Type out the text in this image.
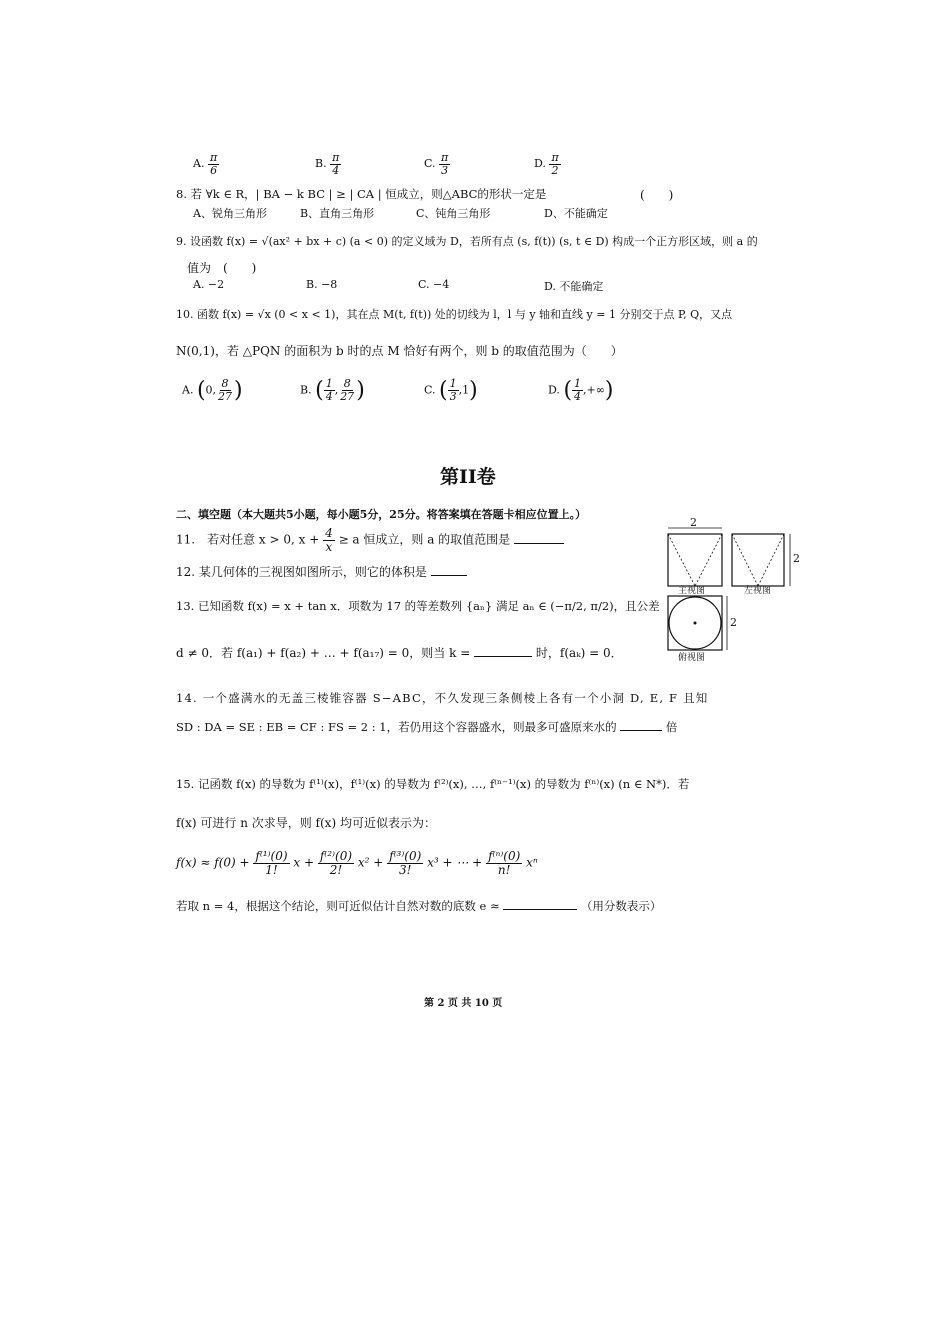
A. $\frac{\pi}{6}$	B. $\frac{\pi}{4}$	C. $\frac{\pi}{3}$	D. $\frac{\pi}{2}$
8. 若 ∀k ∈ R，| BA − k BC | ≥ | CA | 恒成立，则△ABC的形状一定是	(　　)
A、锐角三角形	B、直角三角形	C、钝角三角形	D、不能确定
9. 设函数 f(x) = √(ax² + bx + c) (a < 0) 的定义域为 D，若所有点 (s, f(t)) (s, t ∈ D) 构成一个正方形区域，则 a 的
值为　(　　)
A. −2	B. −8	C. −4	D. 不能确定
10. 函数 f(x) = √x (0 < x < 1)，其在点 M(t, f(t)) 处的切线为 l，l 与 y 轴和直线 y = 1 分别交于点 P, Q，又点
N(0,1)，若 △PQN 的面积为 b 时的点 M 恰好有两个，则 b 的取值范围为（　　）
A. (0, $\frac{8}{27}$ )	B. ( $\frac{1}{4}$ , $\frac{8}{27}$ )	C. ( $\frac{1}{3} ,1$)	D. ( $\frac{1}{4}$ ,+∞)
第II卷
二、填空题（本大题共5小题，每小题5分，25分。将答案填在答题卡相应位置上。）
11.　若对任意 x > 0, $x + \frac{4}{x} \ge a$ 恒成立，则 a 的取值范围是
12. 某几何体的三视图如图所示，则它的体积是
13. 已知函数 f(x) = x + tan x．项数为 17 的等差数列 {aₙ} 满足 aₙ ∈ (−π/2, π/2)，且公差
d ≠ 0．若 f(a₁) + f(a₂) + … + f(a₁₇) = 0，则当 k =	时，f(aₖ) = 0．
14. 一个盛满水的无盖三棱锥容器 S−ABC，不久发现三条侧棱上各有一个小洞 D, E, F 且知
SD : DA = SE : EB = CF : FS = 2 : 1，若仍用这个容器盛水，则最多可盛原来水的	倍
15. 记函数 f(x) 的导数为 f⁽¹⁾(x)，f⁽¹⁾(x) 的导数为 f⁽²⁾(x), …, f⁽ⁿ⁻¹⁾(x) 的导数为 f⁽ⁿ⁾(x) (n ∈ N*)．若
f(x) 可进行 n 次求导，则 f(x) 均可近似表示为：
$f(x) \approx f(0) + \frac{\text{f⁽¹⁾(0)}}{1!}$ $x + \frac{\text{f⁽²⁾(0)}}{2!} x^2 + \frac{\text{f⁽³⁾(0)}}{3!} x^3$ + ⋯ + $\frac{\text{f⁽ⁿ⁾(0)}}{n!}$ xⁿ
若取 n = 4，根据这个结论，则可近似估计自然对数的底数 e ≈	（用分数表示）
2
2
2
主视图	左视图
俯视图
第 2 页 共 10 页
